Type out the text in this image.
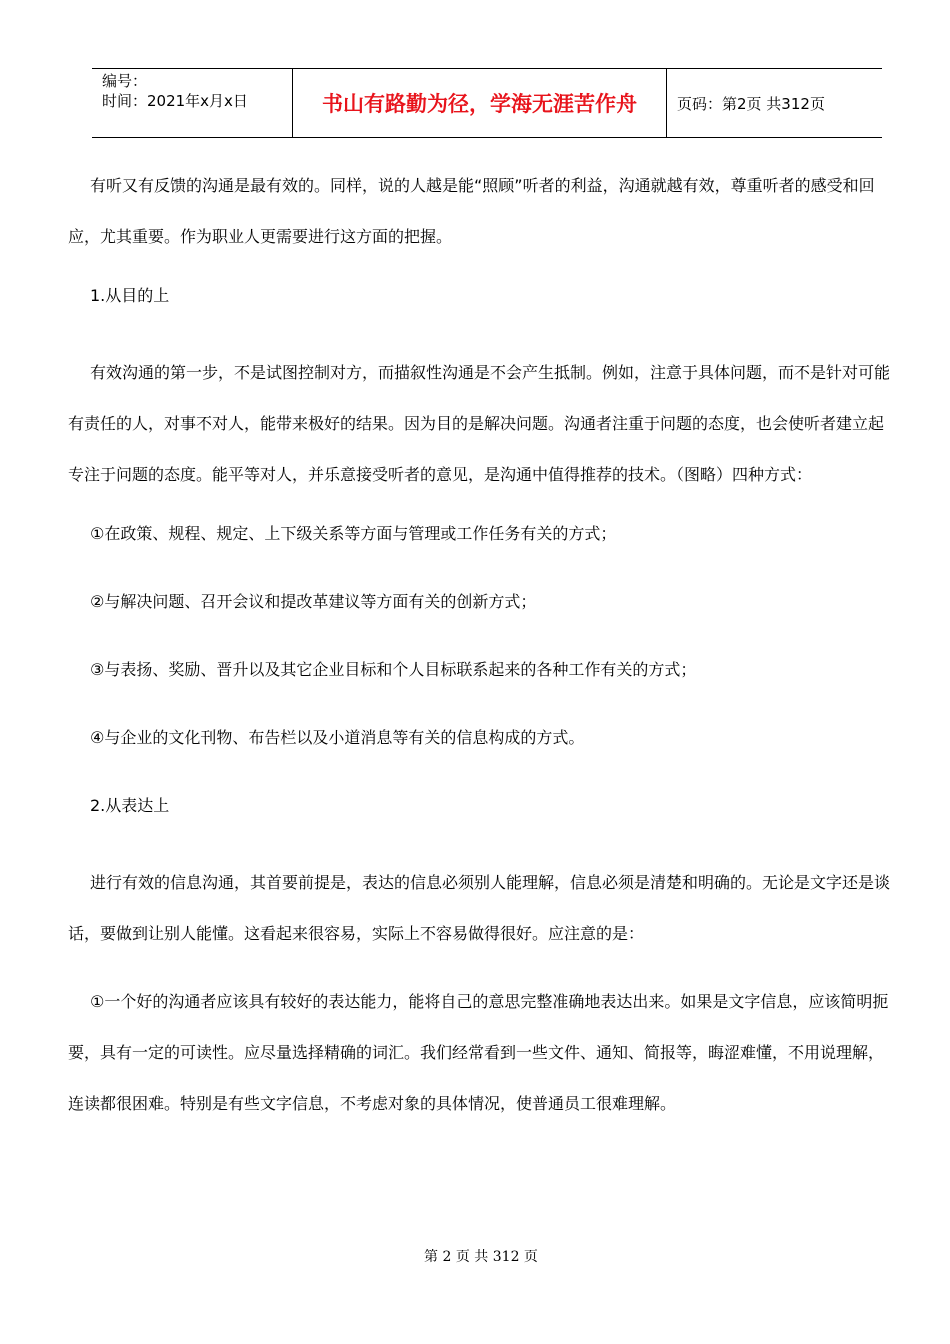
编号：
时间：2021年x月x日	书山有路勤为径，学海无涯苦作舟	页码：第2页 共312页

有听又有反馈的沟通是最有效的。同样，说的人越是能“照顾”听者的利益，沟通就越有效，尊重听者的感受和回应，尤其重要。作为职业人更需要进行这方面的把握。

1.从目的上

有效沟通的第一步，不是试图控制对方，而描叙性沟通是不会产生抵制。例如，注意于具体问题，而不是针对可能有责任的人，对事不对人，能带来极好的结果。因为目的是解决问题。沟通者注重于问题的态度，也会使听者建立起专注于问题的态度。能平等对人，并乐意接受听者的意见，是沟通中值得推荐的技术。（图略）四种方式：

①在政策、规程、规定、上下级关系等方面与管理或工作任务有关的方式；

②与解决问题、召开会议和提改革建议等方面有关的创新方式；

③与表扬、奖励、晋升以及其它企业目标和个人目标联系起来的各种工作有关的方式；

④与企业的文化刊物、布告栏以及小道消息等有关的信息构成的方式。

2.从表达上

进行有效的信息沟通，其首要前提是，表达的信息必须别人能理解，信息必须是清楚和明确的。无论是文字还是谈话，要做到让别人能懂。这看起来很容易，实际上不容易做得很好。应注意的是：

①一个好的沟通者应该具有较好的表达能力，能将自己的意思完整准确地表达出来。如果是文字信息，应该简明扼要，具有一定的可读性。应尽量选择精确的词汇。我们经常看到一些文件、通知、简报等，晦涩难懂，不用说理解，连读都很困难。特别是有些文字信息，不考虑对象的具体情况，使普通员工很难理解。

第 2 页 共 312 页
